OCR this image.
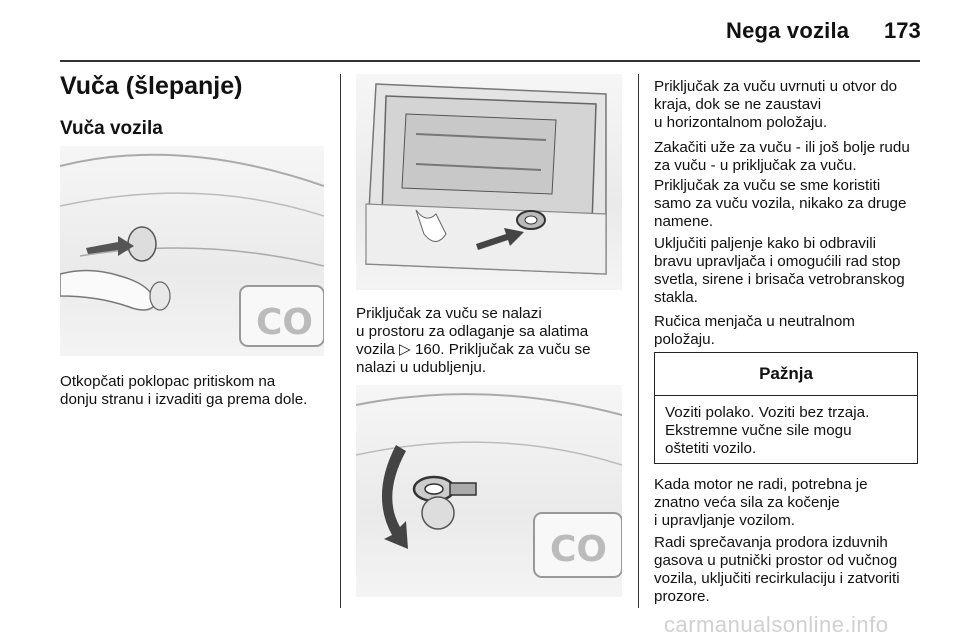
Nega vozila 173
Vuča (šlepanje)
Vuča vozila
CO
Otkopčati poklopac pritiskom na
donju stranu i izvaditi ga prema dole.
Priključak za vuču se nalazi
u prostoru za odlaganje sa alatima
vozila ▷ 160. Priključak za vuču se
nalazi u udubljenju.
CO
Priključak za vuču uvrnuti u otvor do
kraja, dok se ne zaustavi
u horizontalnom položaju.
Zakačiti uže za vuču - ili još bolje rudu
za vuču - u priključak za vuču.
Priključak za vuču se sme koristiti
samo za vuču vozila, nikako za druge
namene.
Uključiti paljenje kako bi odbravili
bravu upravljača i omogućili rad stop
svetla, sirene i brisača vetrobranskog
stakla.
Ručica menjača u neutralnom
položaju.
Pažnja
Voziti polako. Voziti bez trzaja.
Ekstremne vučne sile mogu
oštetiti vozilo.
Kada motor ne radi, potrebna je
znatno veća sila za kočenje
i upravljanje vozilom.
Radi sprečavanja prodora izduvnih
gasova u putnički prostor od vučnog
vozila, uključiti recirkulaciju i zatvoriti
prozore.
carmanualsonline.info
